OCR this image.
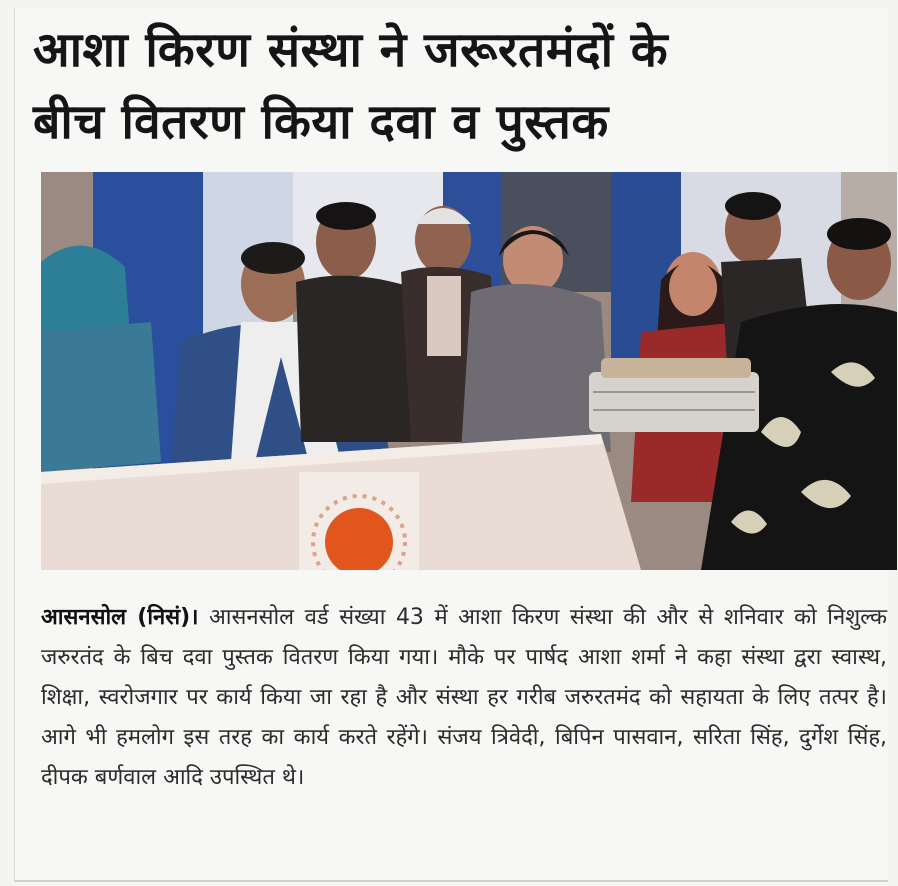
आशा किरण संस्था ने जरूरतमंदों के
बीच वितरण किया दवा व पुस्तक

आसनसोल (निसं)। आसनसोल वर्ड संख्या 43 में आशा किरण संस्था की और से शनिवार को निशुल्क जरुरतंद के बिच दवा पुस्तक वितरण किया गया। मौके पर पार्षद आशा शर्मा ने कहा संस्था द्वरा स्वास्थ, शिक्षा, स्वरोजगार पर कार्य किया जा रहा है और संस्था हर गरीब जरुरतमंद को सहायता के लिए तत्पर है। आगे भी हमलोग इस तरह का कार्य करते रहेंगे। संजय त्रिवेदी, बिपिन पासवान, सरिता सिंह, दुर्गेश सिंह, दीपक बर्णवाल आदि उपस्थित थे।
